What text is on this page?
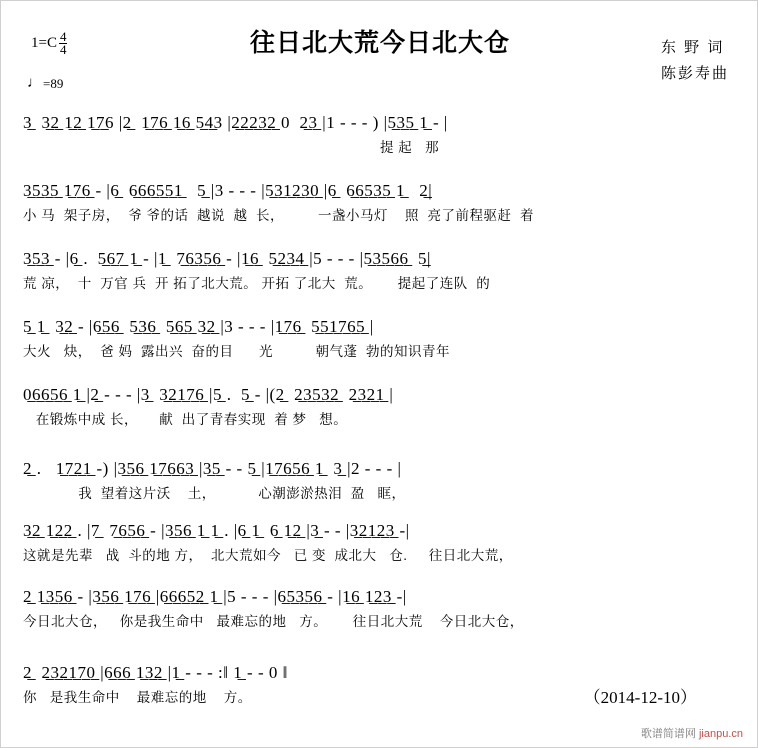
$1=C \frac{4}{4}$
♩ =89
往日北大荒今日北大仓	东 野 词
陈彭寿曲
3̲  3̲2̲ 1̲2̲ 1̲7̲6 |2̲  1̲7̲6̲ 1̲6̲ 5̲4̲3 |2̲2̲2̲3̲2̲ 0  2̲3̲ |1 - - - ) |5̲3̲5̲ 1̲ - |
提 起   那
3̲5̲3̲5̲ 1̲7̲6̲ - |6̲  6̲6̲6̲5̲5̲1̲   5̲ |3 - - - |5̲3̲1̲2̲3̲0̲ |6̲  6̲6̲5̲3̲5̲ 1̲   2̲|
小 马  架子房，  爷 爷的话  越说  越  长，        一盏小马灯    照  亮了前程驱赶  着
3̲5̲3̲ - |6̲ .  5̲6̲7̲ 1̲ - |1̲  7̲6̲3̲5̲6̲ - |1̲6̲  5̲2̲3̲4̲ |5 - - - |5̲3̲5̲6̲6̲  5̲|
荒 凉，  十  万官 兵  开 拓了北大荒。 开拓 了北大  荒。      提起了连队  的
5̲ 1̲  3̲2̲ - |6̲5̲6̲  5̲3̲6̲  5̲6̲5̲ 3̲2̲ |3 - - - |1̲7̲6̲  5̲5̲1̲7̲6̲5̲ |
大火   炔，  爸 妈  露出兴  奋的目      光          朝气蓬  勃的知识青年
0̲6̲6̲5̲6̲ 1̲ |2̲ - - - |3̲  3̲2̲1̲7̲6̲ |5̲ .  5̲ - |(2̲  2̲3̲5̲3̲2̲  2̲3̲2̲1̲ |
在锻炼中成 长，     献  出了青春实现  着 梦   想。
2̲ .   1̲7̲2̲1̲ -) |3̲5̲6̲ 1̲7̲6̲6̲3̲ |3̲5̲ - - 5̲ |1̲7̲6̲5̲6̲ 1̲  3̲ |2 - - - |
我  望着这片沃    土，          心潮澎淤热泪  盈   眶，
3̲2̲ 1̲2̲2̲ . |7̲  7̲6̲5̲6̲ - |3̲5̲6̲ 1̲ 1̲ . |6̲ 1̲  6̲ 1̲2̲ |3̲ - - |3̲2̲1̲2̲3̲ -|
这就是先辈   战  斗的地 方，  北大荒如今   已 变  成北大   仓.     往日北大荒，
2̲ 1̲3̲5̲6̲ - |3̲5̲6̲ 1̲7̲6̲ |6̲6̲6̲5̲2̲ 1̲ |5 - - - |6̲5̲3̲5̲6̲ - |1̲6̲ 1̲2̲3̲ -|
今日北大仓，   你是我生命中   最难忘的地   方。      往日北大荒    今日北大仓，
2̲  2̲3̲2̲1̲7̲0̲ |6̲6̲6̲ 1̲3̲2̲ |1̲ - - - :‖ 1̲ - - 0 ‖
你   是我生命中    最难忘的地    方。	（2014-12-10）
歌谱简谱网 jianpu.cn
